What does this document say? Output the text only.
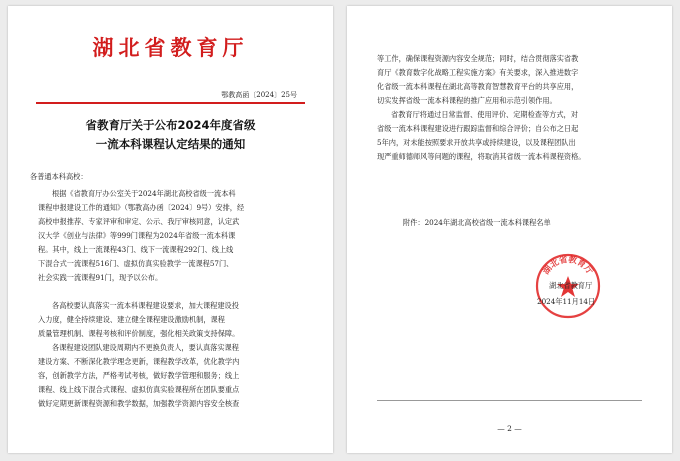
湖北省教育厅
鄂教高函〔2024〕25号
省教育厅关于公布2024年度省级
一流本科课程认定结果的通知
各普通本科高校：
根据《省教育厅办公室关于2024年湖北高校省级一流本科
课程申报建设工作的通知》（鄂教高办函〔2024〕9号）安排，经
高校申报推荐、专家评审和审定、公示、我厅审核同意，认定武
汉大学《创业与法律》等999门课程为2024年省级一流本科课
程。其中，线上一流课程43门、线下一流课程292门、线上线
下混合式一流课程516门、虚拟仿真实验教学一流课程57门、
社会实践一流课程91门，现予以公布。
各高校要认真落实一流本科课程建设要求，加大课程建设投
入力度，健全持续建设、建立健全课程建设激励机制，课程
质量管理机制、课程考核和评价制度，强化相关政策支持保障。
各课程建设团队建设周期内不更换负责人，要认真落实课程
建设方案、不断深化教学理念更新，课程教学改革，优化教学内
容，创新教学方法，严格考试考核，做好教学管理和服务；线上
课程、线上线下混合式课程、虚拟仿真实验课程所在团队要重点
做好定期更新课程资源和教学数据，加强教学资源内容安全核查
等工作，确保课程资源内容安全规范；同时，结合贯彻落实省教
育厅《教育数字化战略工程实施方案》有关要求，深入推进数字
化省级一流本科课程在湖北高等教育智慧教育平台的共享应用，
切实发挥省级一流本科课程的推广应用和示范引领作用。
省教育厅将通过日常监督、使用评价、定期检查等方式，对
省级一流本科课程建设进行跟踪监督和综合评价；自公布之日起
5年内，对未能按照要求开放共享或持续建设，以及课程团队出
现严重师德师风等问题的课程，将取消其省级一流本科课程资格。
附件：2024年湖北高校省级一流本科课程名单
湖北省教育厅
湖北省教育厅
2024年11月14日
— 2 —
